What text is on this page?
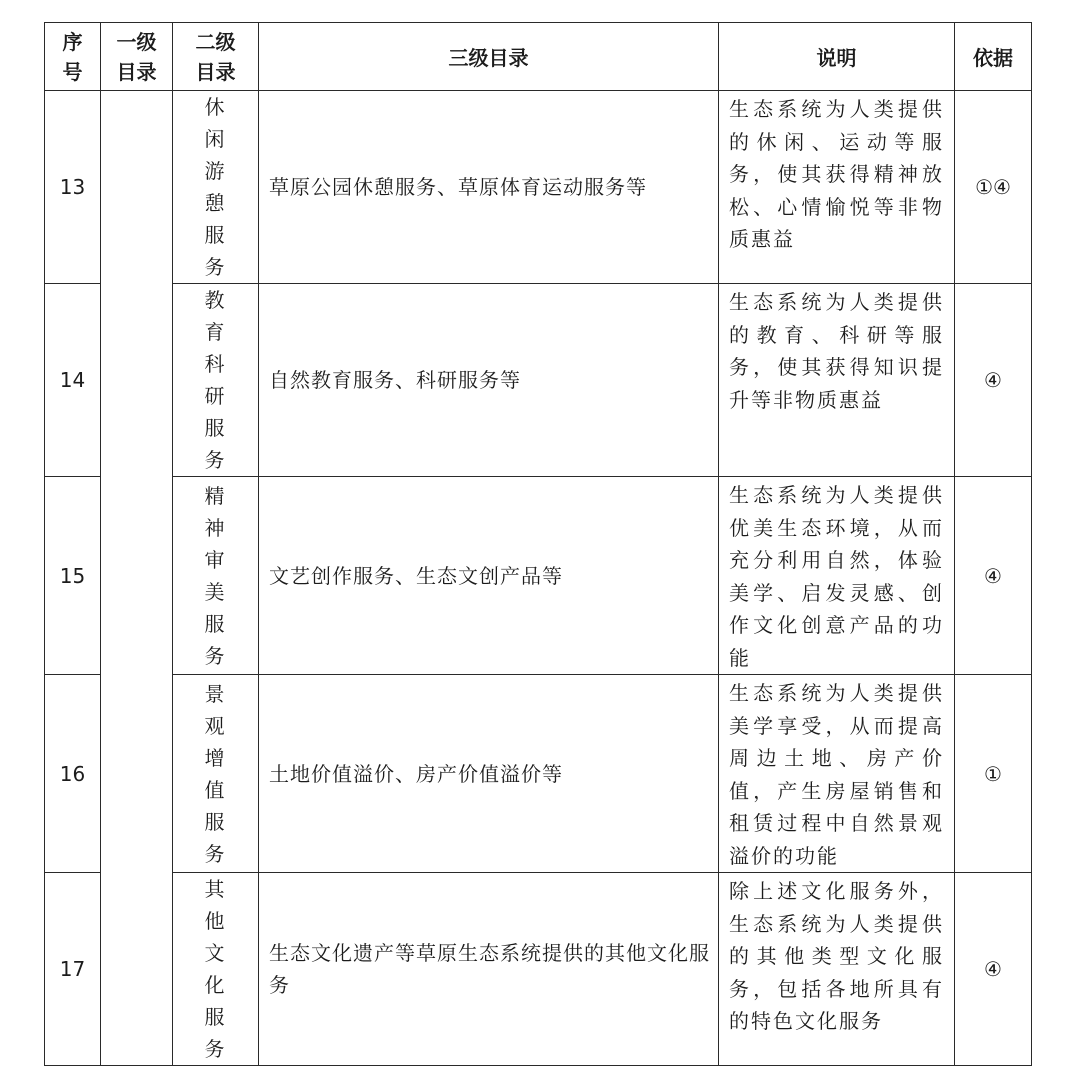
序号	一级目录	二级目录	三级目录	说明	依据
13		休闲游憩服务	草原公园休憩服务、草原体育运动服务等	生态系统为人类提供的休闲、运动等服务，使其获得精神放松、心情愉悦等非物质惠益	①④
14		教育科研服务	自然教育服务、科研服务等	生态系统为人类提供的教育、科研等服务，使其获得知识提升等非物质惠益	④
15		精神审美服务	文艺创作服务、生态文创产品等	生态系统为人类提供优美生态环境，从而充分利用自然，体验美学、启发灵感、创作文化创意产品的功能	④
16		景观增值服务	土地价值溢价、房产价值溢价等	生态系统为人类提供美学享受，从而提高周边土地、房产价值，产生房屋销售和租赁过程中自然景观溢价的功能	①
17		其他文化服务	生态文化遗产等草原生态系统提供的其他文化服务	除上述文化服务外，生态系统为人类提供的其他类型文化服务，包括各地所具有的特色文化服务	④
